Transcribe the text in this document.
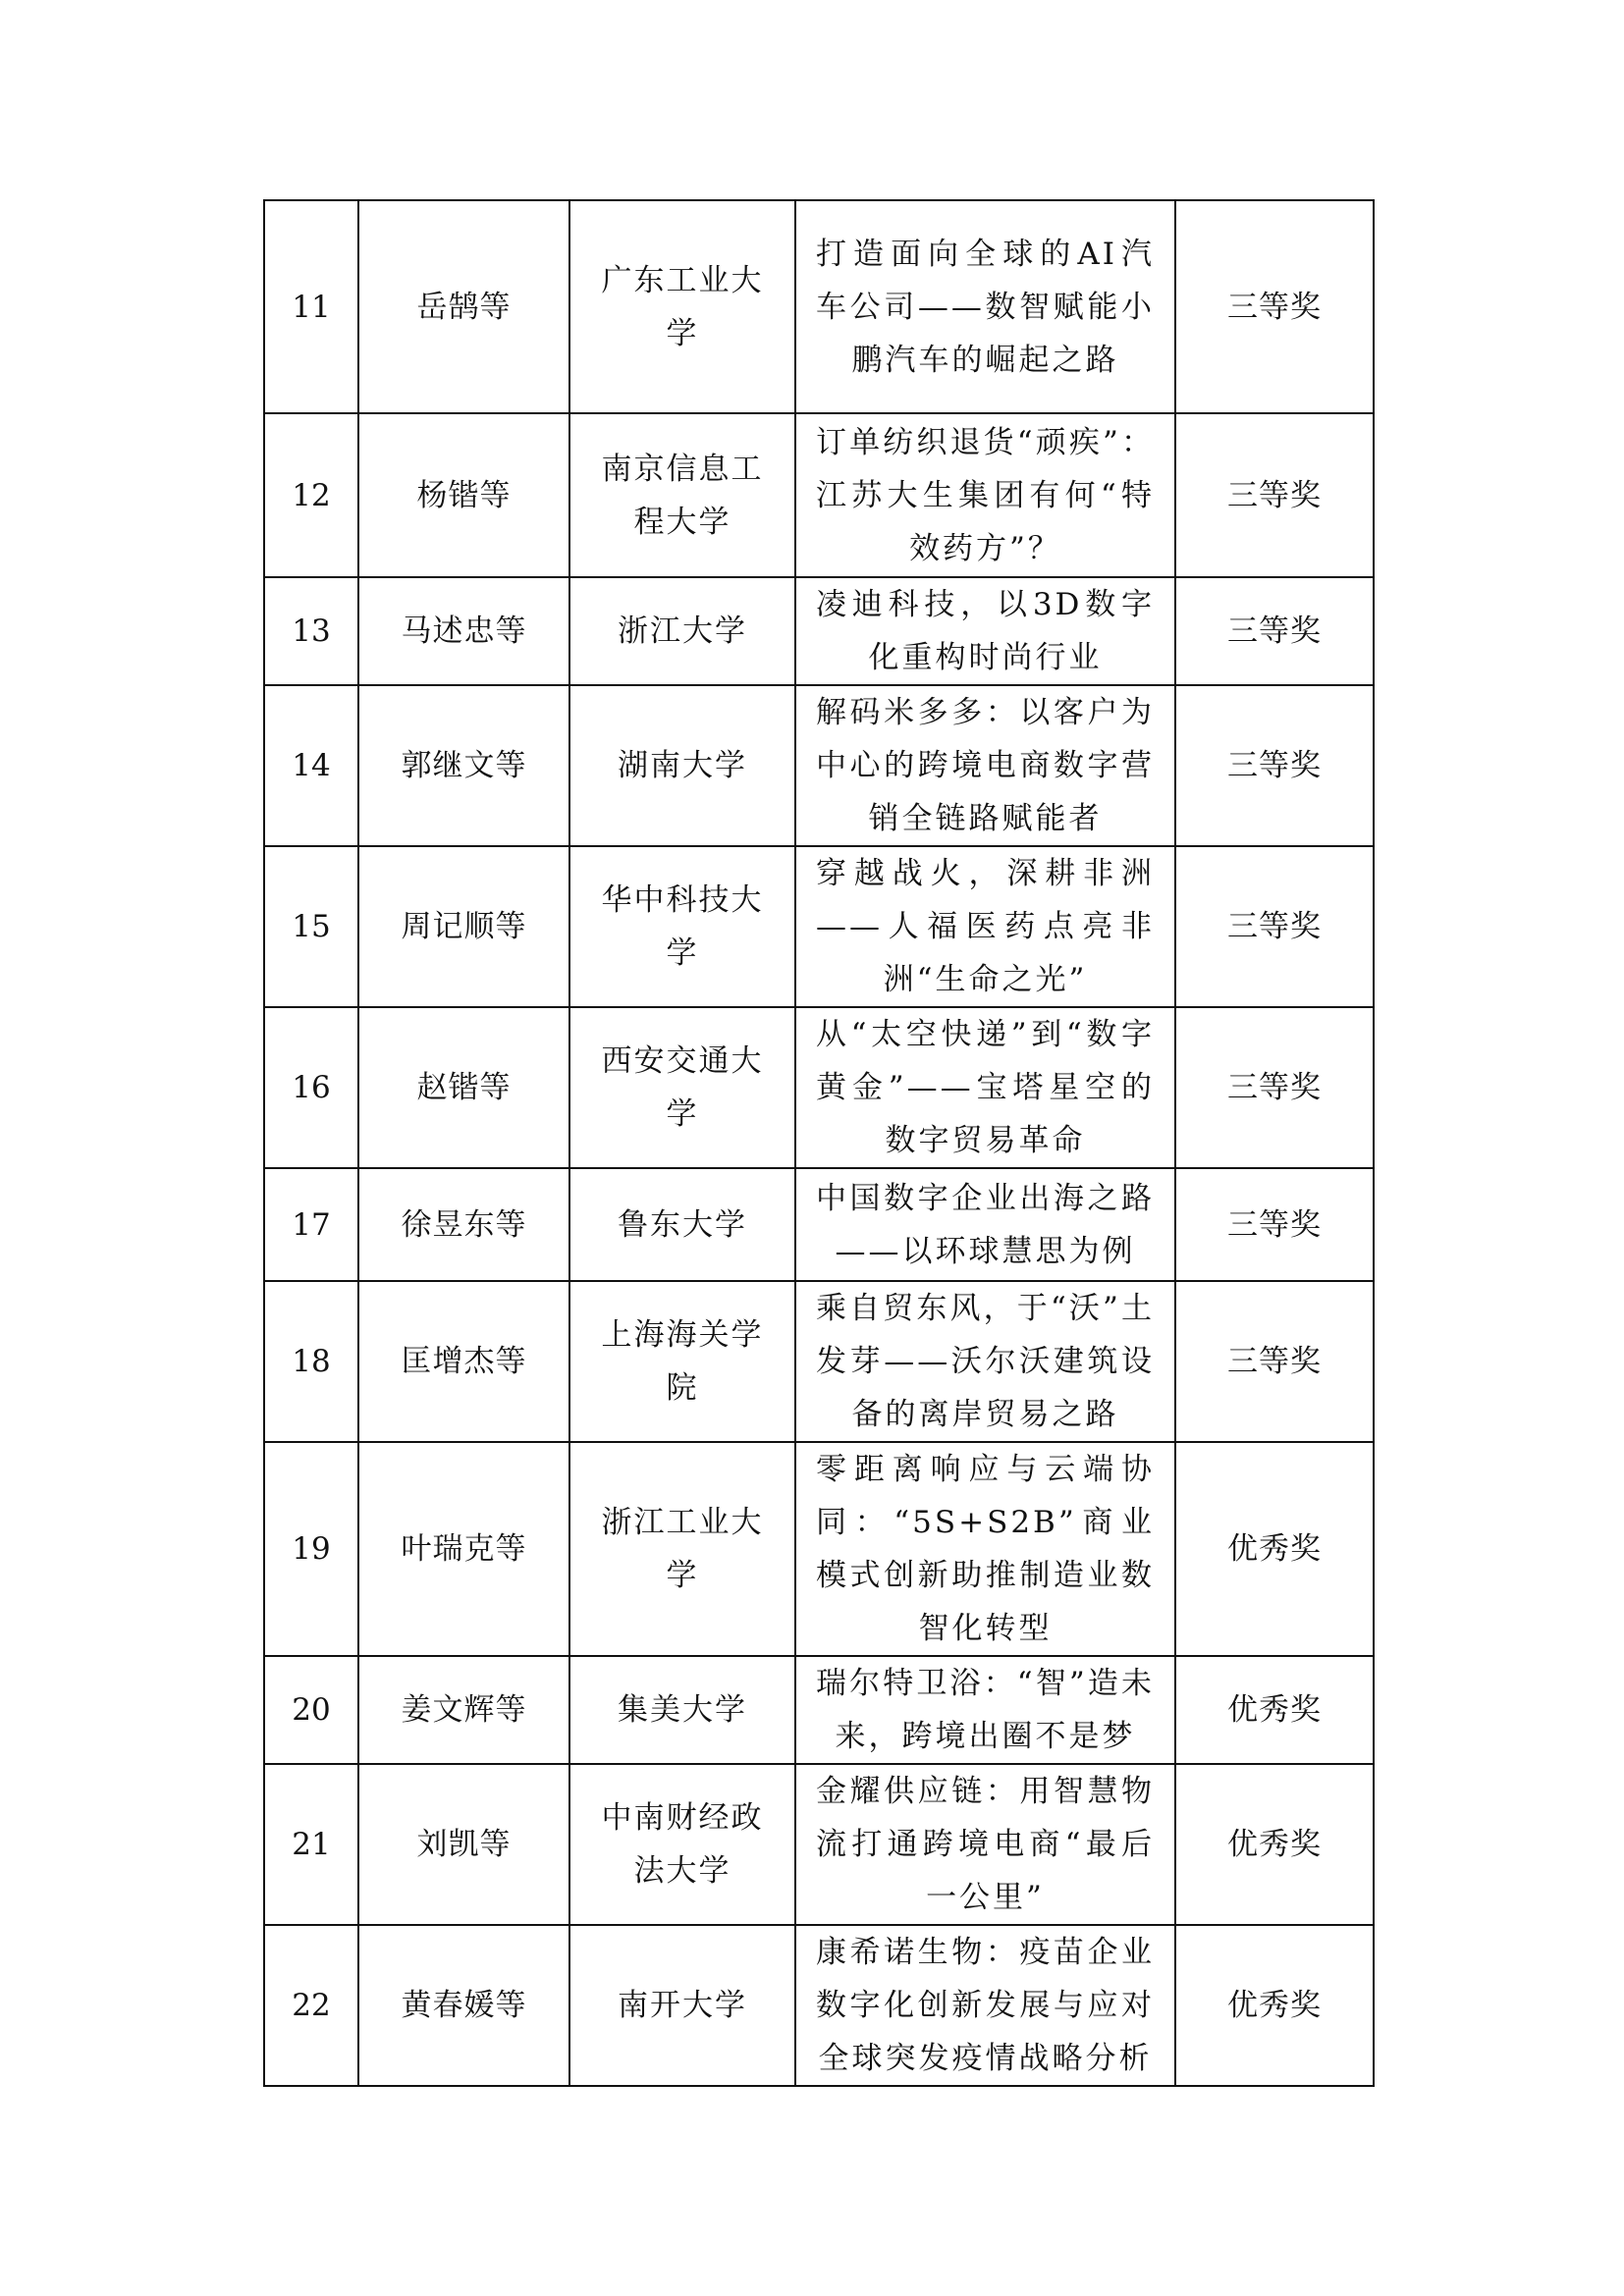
11	岳鹄等	广东工业大学	打造面向全球的AI汽车公司——数智赋能小鹏汽车的崛起之路	三等奖
12	杨锴等	南京信息工程大学	订单纺织退货“顽疾”：江苏大生集团有何“特效药方”？	三等奖
13	马述忠等	浙江大学	凌迪科技，以3D数字化重构时尚行业	三等奖
14	郭继文等	湖南大学	解码米多多：以客户为中心的跨境电商数字营销全链路赋能者	三等奖
15	周记顺等	华中科技大学	穿越战火，深耕非洲——人福医药点亮非洲“生命之光”	三等奖
16	赵锴等	西安交通大学	从“太空快递”到“数字黄金”——宝塔星空的数字贸易革命	三等奖
17	徐昱东等	鲁东大学	中国数字企业出海之路——以环球慧思为例	三等奖
18	匡增杰等	上海海关学院	乘自贸东风，于“沃”土发芽——沃尔沃建筑设备的离岸贸易之路	三等奖
19	叶瑞克等	浙江工业大学	零距离响应与云端协同：“5S+S2B”商业模式创新助推制造业数智化转型	优秀奖
20	姜文辉等	集美大学	瑞尔特卫浴：“智”造未来，跨境出圈不是梦	优秀奖
21	刘凯等	中南财经政法大学	金耀供应链：用智慧物流打通跨境电商“最后一公里”	优秀奖
22	黄春媛等	南开大学	康希诺生物：疫苗企业数字化创新发展与应对全球突发疫情战略分析	优秀奖
